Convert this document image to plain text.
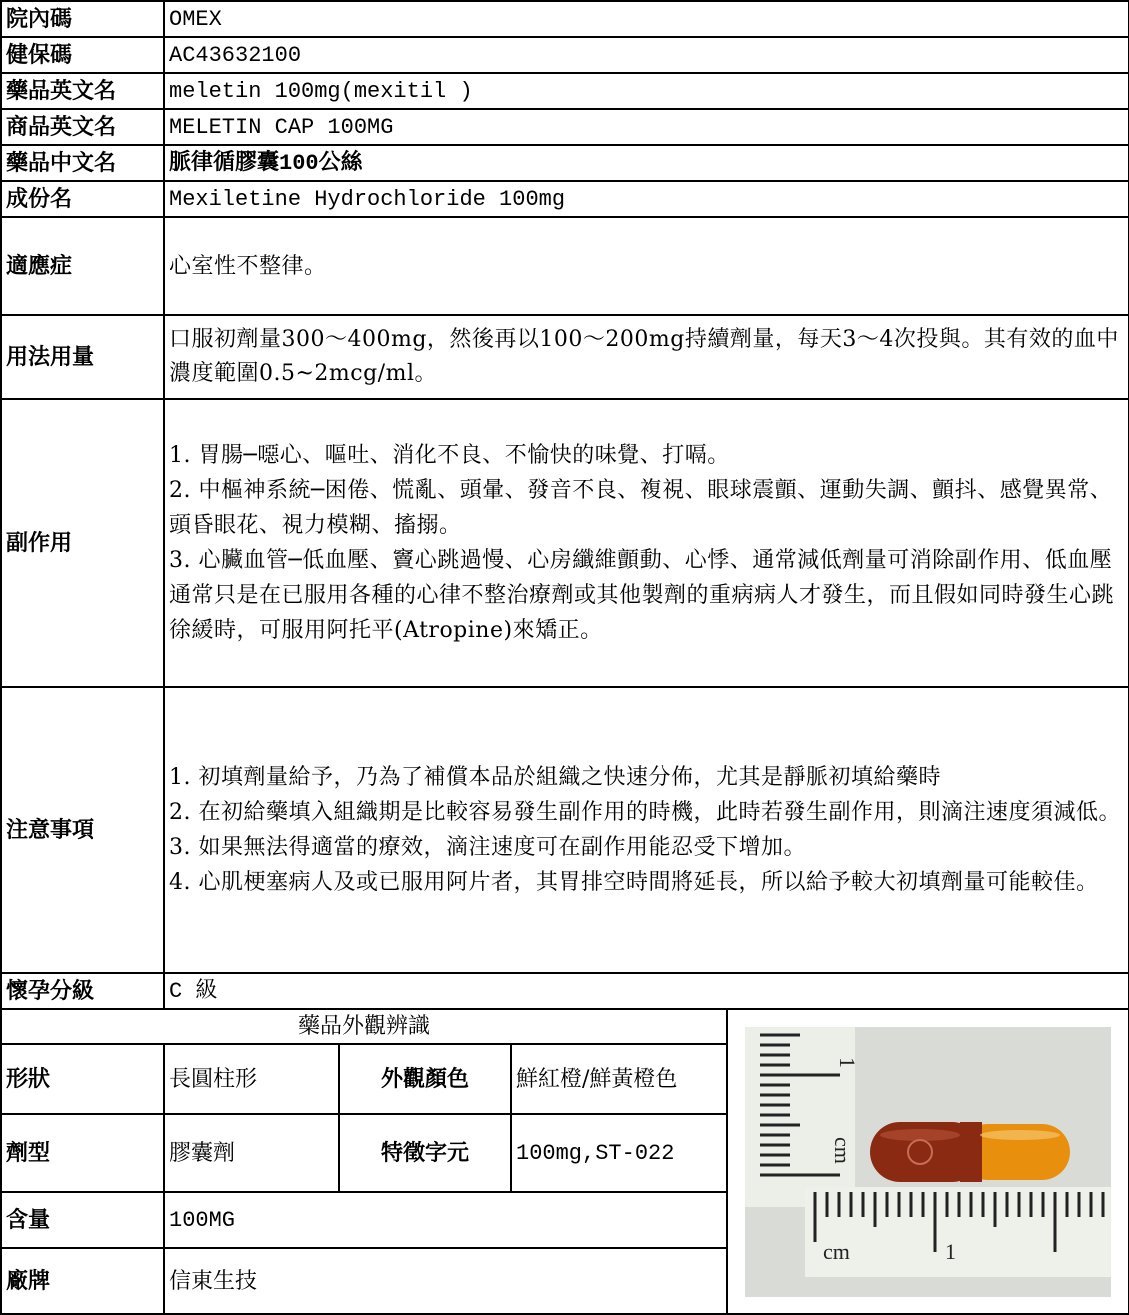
院內碼	OMEX			
健保碼	AC43632100			
藥品英文名	meletin 100mg(mexitil )			
商品英文名	MELETIN CAP 100MG			
藥品中文名	脈律循膠囊100公絲			
成份名	Mexiletine Hydrochloride 100mg			
適應症	心室性不整律。			
用法用量	口服初劑量300～400mg，然後再以100～200mg持續劑量，每天3～4次投與。其有效的血中濃度範圍0.5~2mcg/ml。			
副作用	1. 胃腸─噁心、嘔吐、消化不良、不愉快的味覺、打嗝。
2. 中樞神系統─困倦、慌亂、頭暈、發音不良、複視、眼球震顫、運動失調、顫抖、感覺異常、頭昏眼花、視力模糊、搐搦。
3. 心臟血管─低血壓、竇心跳過慢、心房纖維顫動、心悸、通常減低劑量可消除副作用、低血壓通常只是在已服用各種的心律不整治療劑或其他製劑的重病病人才發生，而且假如同時發生心跳徐緩時，可服用阿托平(Atropine)來矯正。			

注意事項	1. 初填劑量給予，乃為了補償本品於組織之快速分佈，尤其是靜脈初填給藥時
2. 在初給藥填入組織期是比較容易發生副作用的時機，此時若發生副作用，則滴注速度須減低。
3. 如果無法得適當的療效，滴注速度可在副作用能忍受下增加。
4. 心肌梗塞病人及或已服用阿片者，其胃排空時間將延長，所以給予較大初填劑量可能較佳。			

懷孕分級	C 級			
藥品外觀辨識				1
cm
cm 1

形狀	長圓柱形	外觀顏色	鮮紅橙/鮮黃橙色	
劑型	膠囊劑	特徵字元	100mg,ST-022	
含量	100MG			
廠牌	信東生技			
